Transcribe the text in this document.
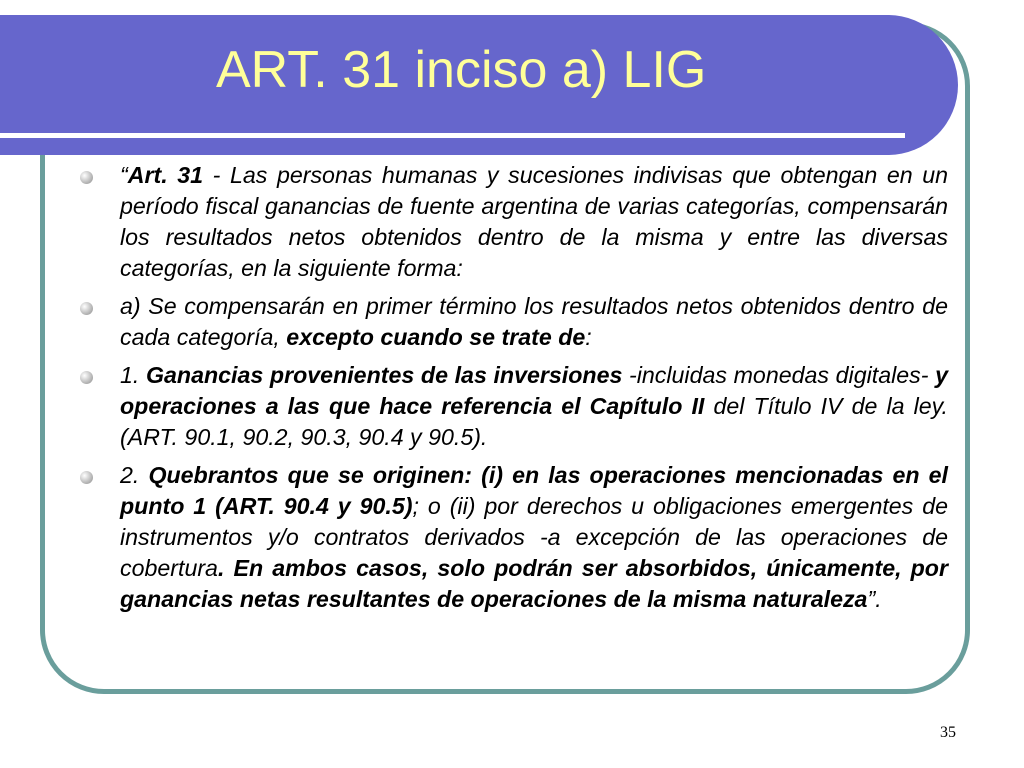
ART. 31 inciso a) LIG
“Art. 31 - Las personas humanas y sucesiones indivisas que obtengan en un período fiscal ganancias de fuente argentina de varias categorías, compensarán los resultados netos obtenidos dentro de la misma y entre las diversas categorías, en la siguiente forma:
a) Se compensarán en primer término los resultados netos obtenidos dentro de cada categoría, excepto cuando se trate de:
1. Ganancias provenientes de las inversiones -incluidas monedas digitales- y operaciones a las que hace referencia el Capítulo II del Título IV de la ley.(ART. 90.1, 90.2, 90.3, 90.4 y 90.5).
2. Quebrantos que se originen: (i) en las operaciones mencionadas en el punto 1 (ART. 90.4 y 90.5); o (ii) por derechos u obligaciones emergentes de instrumentos y/o contratos derivados -a excepción de las operaciones de cobertura. En ambos casos, solo podrán ser absorbidos, únicamente, por ganancias netas resultantes de operaciones de la misma naturaleza”.
35
